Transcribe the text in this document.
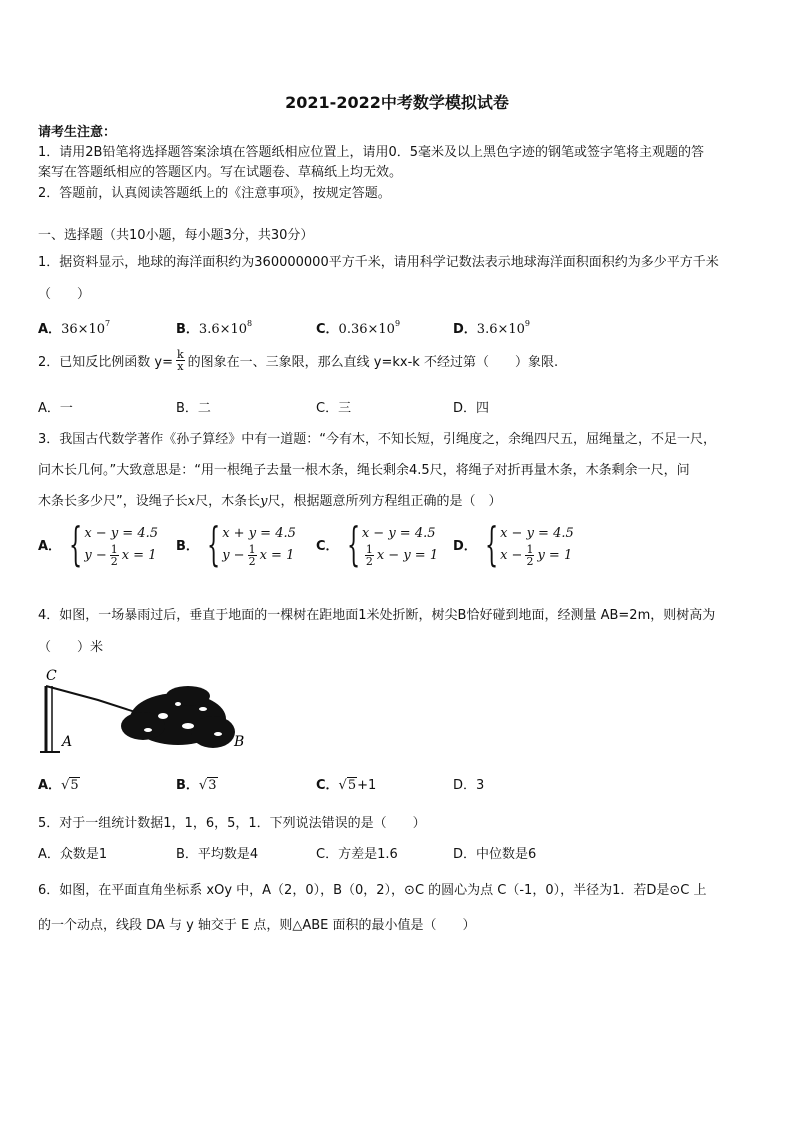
2021-2022中考数学模拟试卷
请考生注意：
1．请用2B铅笔将选择题答案涂填在答题纸相应位置上，请用0．5毫米及以上黑色字迹的钢笔或签字笔将主观题的答
案写在答题纸相应的答题区内。写在试题卷、草稿纸上均无效。
2．答题前，认真阅读答题纸上的《注意事项》，按规定答题。
一、选择题（共10小题，每小题3分，共30分）
1．据资料显示，地球的海洋面积约为360000000平方千米，请用科学记数法表示地球海洋面积面积约为多少平方千米
（　　）
A．$36\times 10^7$	B．$3.6\times 10^8$	C．$0.36\times 10^9$	D．$3.6\times 10^9$
2．已知反比例函数 $y= \frac{k}{x}$ 的图象在一、三象限，那么直线 y=kx-k 不经过第（　　）象限.
A．一	B．二	C．三	D．四
3．我国古代数学著作《孙子算经》中有一道题：“今有木，不知长短，引绳度之，余绳四尺五，屈绳量之，不足一尺，
问木长几何。”大致意思是：“用一根绳子去量一根木条，绳长剩余4.5尺，将绳子对折再量木条，木条剩余一尺，问
木条长多少尺”，设绳子长x尺，木条长y尺，根据题意所列方程组正确的是（　）
A． { x − y = 4.5
$y - \frac{1}{2}$ x = 1
B． { x + y = 4.5
$y - \frac{1}{2}$ x = 1
C． { x − y = 4.5
$\frac{1}{2}$ x − y = 1
D． { x − y = 4.5
$x - \frac{1}{2}$ y = 1
4．如图，一场暴雨过后，垂直于地面的一棵树在距地面1米处折断，树尖B恰好碰到地面，经测量 AB=2m，则树高为
（　　）米
C
A	B
A．√5	B．√3	C．√5+1	D．3
5．对于一组统计数据1，1，6，5，1．下列说法错误的是（　　）
A．众数是1	B．平均数是4	C．方差是1.6	D．中位数是6
6．如图，在平面直角坐标系 xOy 中，A（2，0），B（0，2），⊙C 的圆心为点 C（-1，0），半径为1．若D是⊙C 上
的一个动点，线段 DA 与 y 轴交于 E 点，则△ABE 面积的最小值是（　　）
